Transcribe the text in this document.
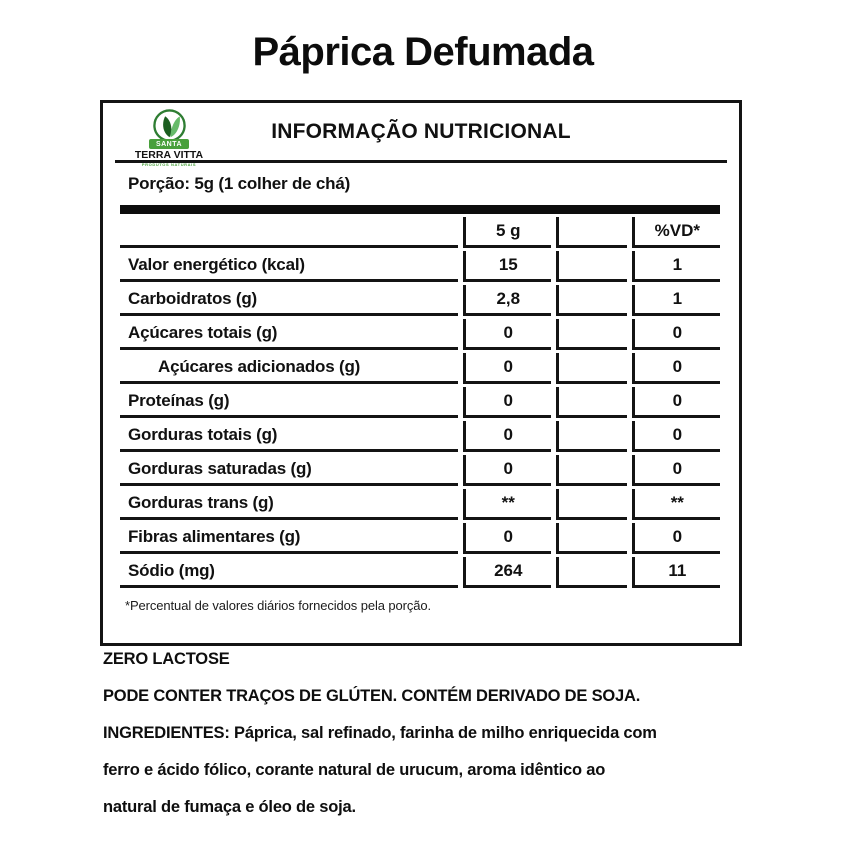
Páprica Defumada
SANTA
TERRA VITTA
PRODUTOS NATURAIS
INFORMAÇÃO NUTRICIONAL
Porção: 5g (1 colher de chá)
	5 g		%VD*
Valor energético (kcal)	15		1
Carboidratos (g)	2,8		1
Açúcares totais (g)	0		0
Açúcares adicionados (g)	0		0
Proteínas (g)	0		0
Gorduras totais (g)	0		0
Gorduras saturadas (g)	0		0
Gorduras trans (g)	**		**
Fibras alimentares (g)	0		0
Sódio (mg)	264		11
*Percentual de valores diários fornecidos pela porção.

ZERO LACTOSE

PODE CONTER TRAÇOS DE GLÚTEN. CONTÉM DERIVADO DE SOJA.

INGREDIENTES: Páprica, sal refinado, farinha de milho enriquecida com

ferro e ácido fólico, corante natural de urucum, aroma idêntico ao

natural de fumaça e óleo de soja.
